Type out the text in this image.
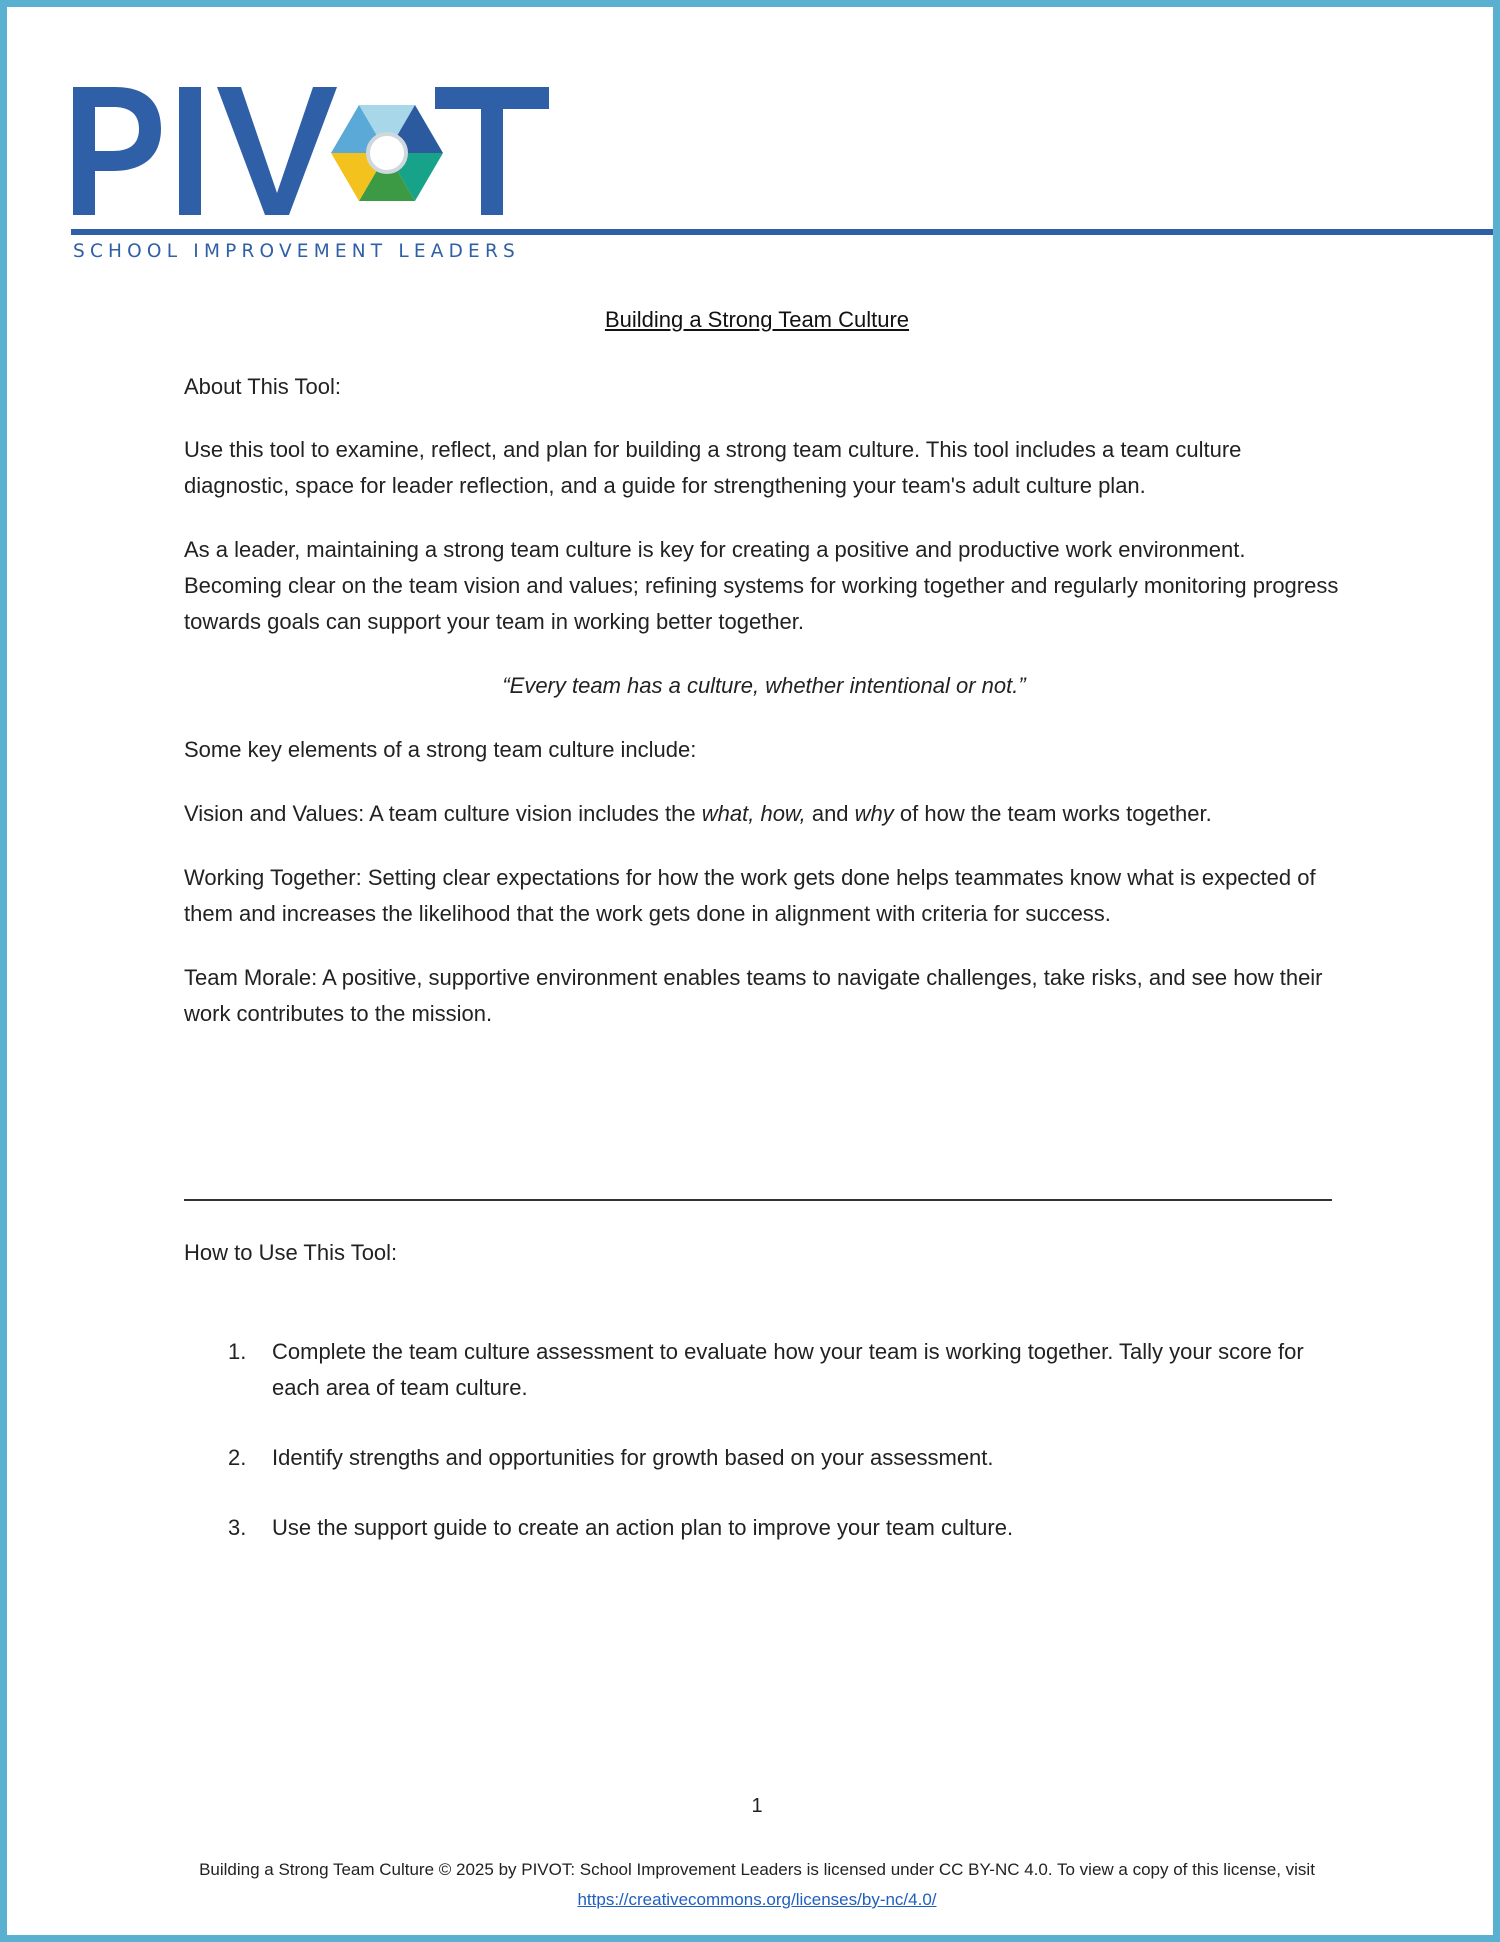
SCHOOL IMPROVEMENT LEADERS
Building a Strong Team Culture

About This Tool:

Use this tool to examine, reflect, and plan for building a strong team culture. This tool includes a team culture diagnostic, space for leader reflection, and a guide for strengthening your team's adult culture plan.

As a leader, maintaining a strong team culture is key for creating a positive and productive work environment. Becoming clear on the team vision and values; refining systems for working together and regularly monitoring progress towards goals can support your team in working better together.

“Every team has a culture, whether intentional or not.”

Some key elements of a strong team culture include:

Vision and Values: A team culture vision includes the what, how, and why of how the team works together.

Working Together: Setting clear expectations for how the work gets done helps teammates know what is expected of them and increases the likelihood that the work gets done in alignment with criteria for success.

Team Morale: A positive, supportive environment enables teams to navigate challenges, take risks, and see how their work contributes to the mission.

How to Use This Tool:

1. Complete the team culture assessment to evaluate how your team is working together. Tally your score for each area of team culture.
2. Identify strengths and opportunities for growth based on your assessment.
3. Use the support guide to create an action plan to improve your team culture.
1
Building a Strong Team Culture © 2025 by PIVOT: School Improvement Leaders is licensed under CC BY-NC 4.0. To view a copy of this license, visit https://creativecommons.org/licenses/by-nc/4.0/
